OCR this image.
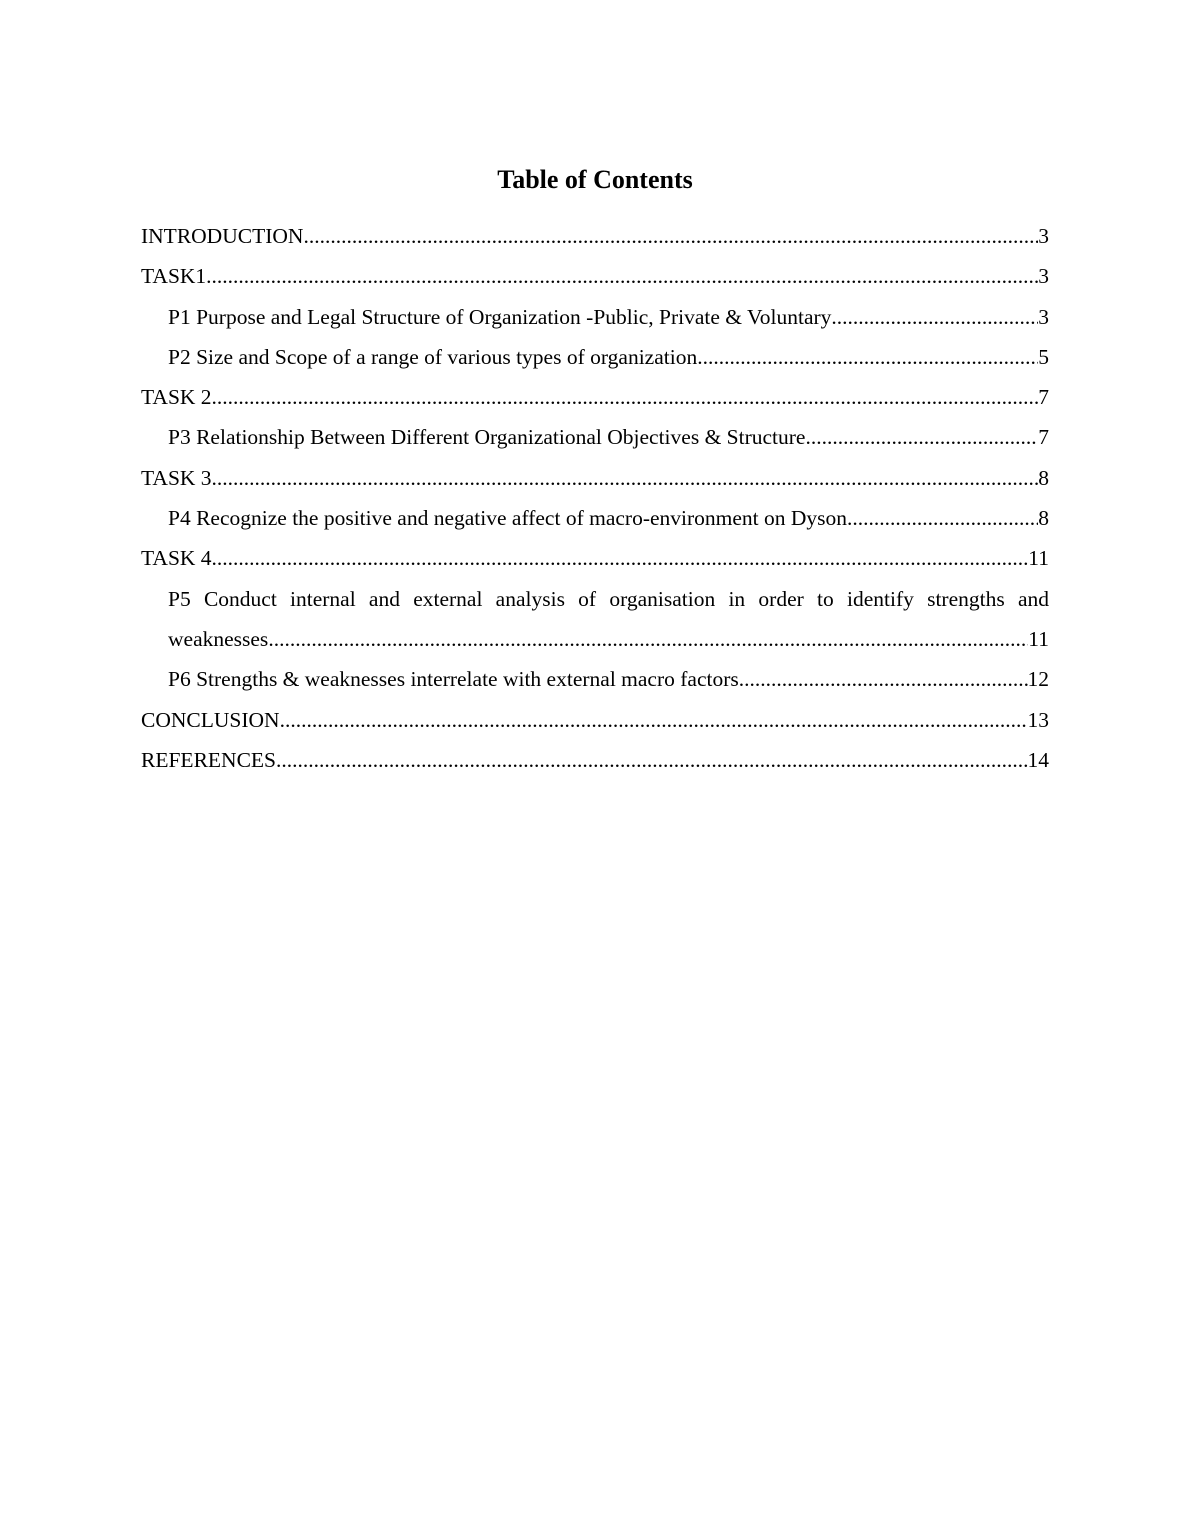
Table of Contents
INTRODUCTION .....	3
TASK1 .....	3
P1 Purpose and Legal Structure of Organization -Public, Private & Voluntary .....	3
P2 Size and Scope of a range of various types of organization. .....	5
TASK 2 .....	7
P3 Relationship Between Different Organizational Objectives & Structure .....	7
TASK 3 .....	8
P4 Recognize the positive and negative affect of macro-environment on Dyson .....	8
TASK 4 .....	11
P5 Conduct internal and external analysis of organisation in order to identify strengths and
weaknesses .....	11
P6 Strengths & weaknesses interrelate with external macro factors .....	12
CONCLUSION .....	13
REFERENCES .....	14
